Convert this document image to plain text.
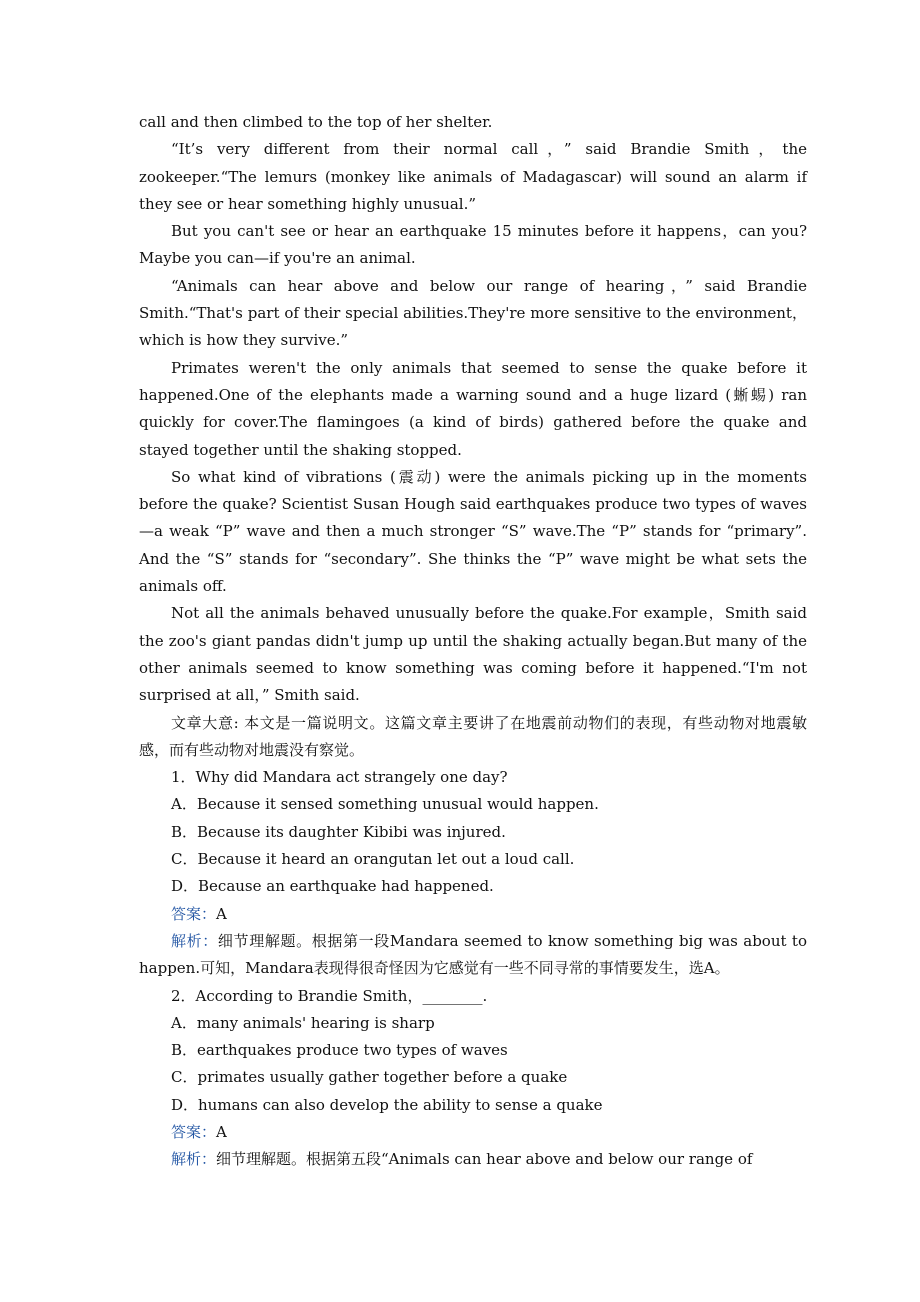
call and then climbed to the top of her shelter.

“It’s very different from their normal call，” said Brandie Smith，the zookeeper.“The lemurs (monkey like animals of Madagascar) will sound an alarm if they see or hear something highly unusual.”

But you can't see or hear an earthquake 15 minutes before it happens，can you? Maybe you can—if you're an animal.

“Animals can hear above and below our range of hearing，” said Brandie Smith.“That's part of their special abilities.They're more sensitive to the environment，which is how they survive.”

Primates weren't the only animals that seemed to sense the quake before it happened.One of the elephants made a warning sound and a huge lizard (蜥蜴) ran quickly for cover.The flamingoes (a kind of birds) gathered before the quake and stayed together until the shaking stopped.

So what kind of vibrations (震动) were the animals picking up in the moments before the quake? Scientist Susan Hough said earthquakes produce two types of waves—a weak “P” wave and then a much stronger “S” wave.The “P” stands for “primary”. And the “S” stands for “secondary”. She thinks the “P” wave might be what sets the animals off.

Not all the animals behaved unusually before the quake.For example，Smith said the zoo's giant pandas didn't jump up until the shaking actually began.But many of the other animals seemed to know something was coming before it happened.“I'm not surprised at all，” Smith said.

文章大意: 本文是一篇说明文。这篇文章主要讲了在地震前动物们的表现，有些动物对地震敏感，而有些动物对地震没有察觉。

1．Why did Mandara act strangely one day?

A．Because it sensed something unusual would happen.

B．Because its daughter Kibibi was injured.

C．Because it heard an orangutan let out a loud call.

D．Because an earthquake had happened.

答案：A

解析：细节理解题。根据第一段Mandara seemed to know something big was about to happen.可知，Mandara表现得很奇怪因为它感觉有一些不同寻常的事情要发生，选A。

2．According to Brandie Smith，________.

A．many animals' hearing is sharp

B．earthquakes produce two types of waves

C．primates usually gather together before a quake

D．humans can also develop the ability to sense a quake

答案：A

解析：细节理解题。根据第五段“Animals can hear above and below our range of
